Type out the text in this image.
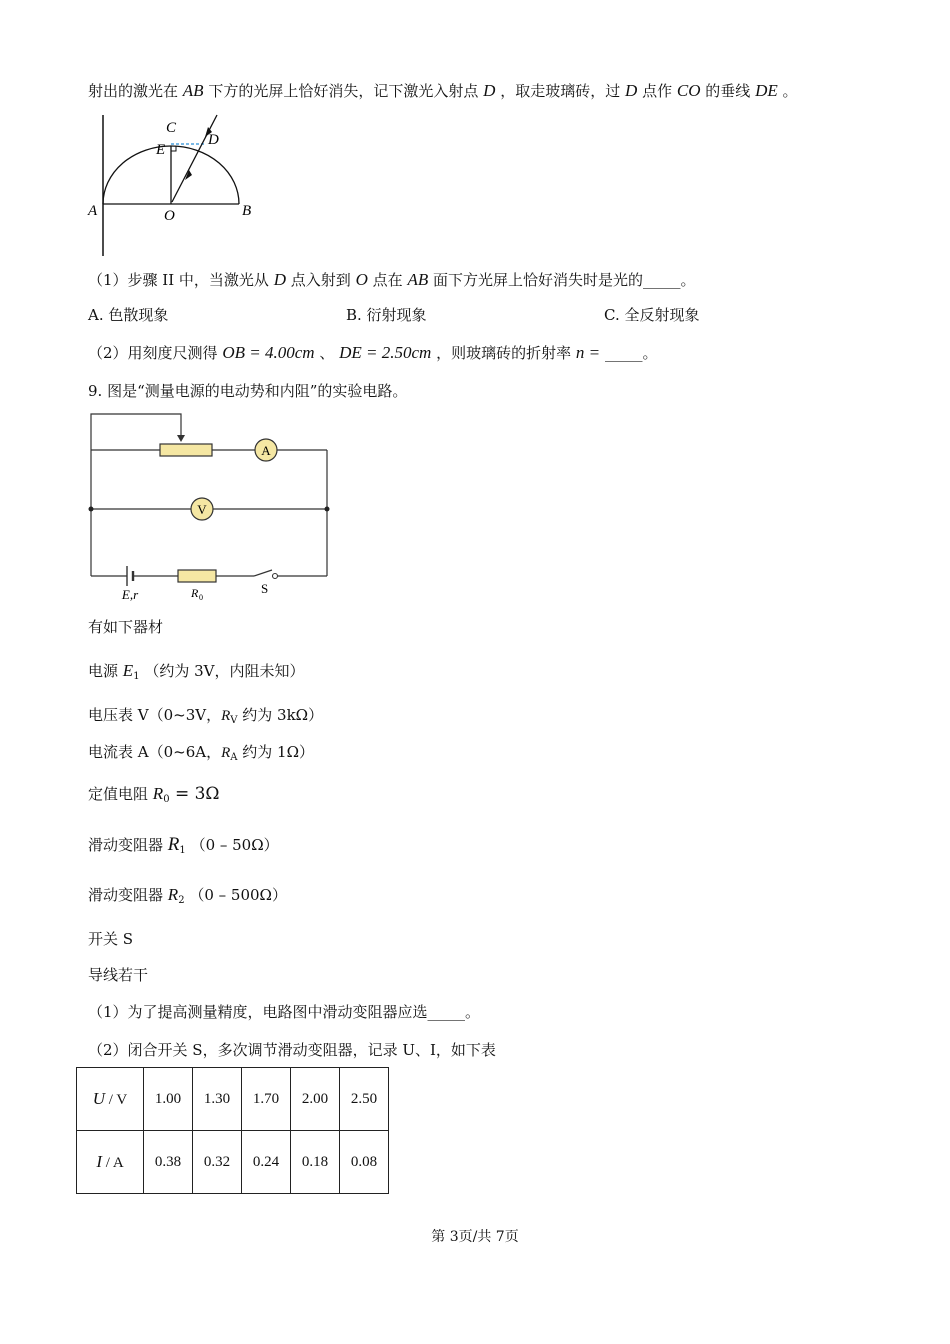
射出的激光在 AB 下方的光屏上恰好消失，记下激光入射点 D ，取走玻璃砖，过 D 点作 CO 的垂线 DE 。
A	B
C
D
E
O
（1）步骤 II 中，当激光从 D 点入射到 O 点在 AB 面下方光屏上恰好消失时是光的_____。
A. 色散现象	B. 衍射现象	C. 全反射现象
（2）用刻度尺测得 OB = 4.00cm 、 DE = 2.50cm ，则玻璃砖的折射率 n = _____。
9. 图是“测量电源的电动势和内阻”的实验电路。
A
V
E,r	R 0
S
有如下器材
电源 $E_1$ （约为 3V，内阻未知）
电压表 V（0~3V，$R_V$ 约为 3kΩ）
电流表 A（0~6A，$R_A$ 约为 1Ω）
定值电阻 $R_0 = 3\Omega$
滑动变阻器 $R_1$ （0 – 50Ω）
滑动变阻器 $R_2$ （0 – 500Ω）
开关 S
导线若干
（1）为了提高测量精度，电路图中滑动变阻器应选_____。
（2）闭合开关 S，多次调节滑动变阻器，记录 U、I，如下表
U / V	1.00	1.30	1.70	2.00	2.50
I / A	0.38	0.32	0.24	0.18	0.08
第 3页/共 7页
